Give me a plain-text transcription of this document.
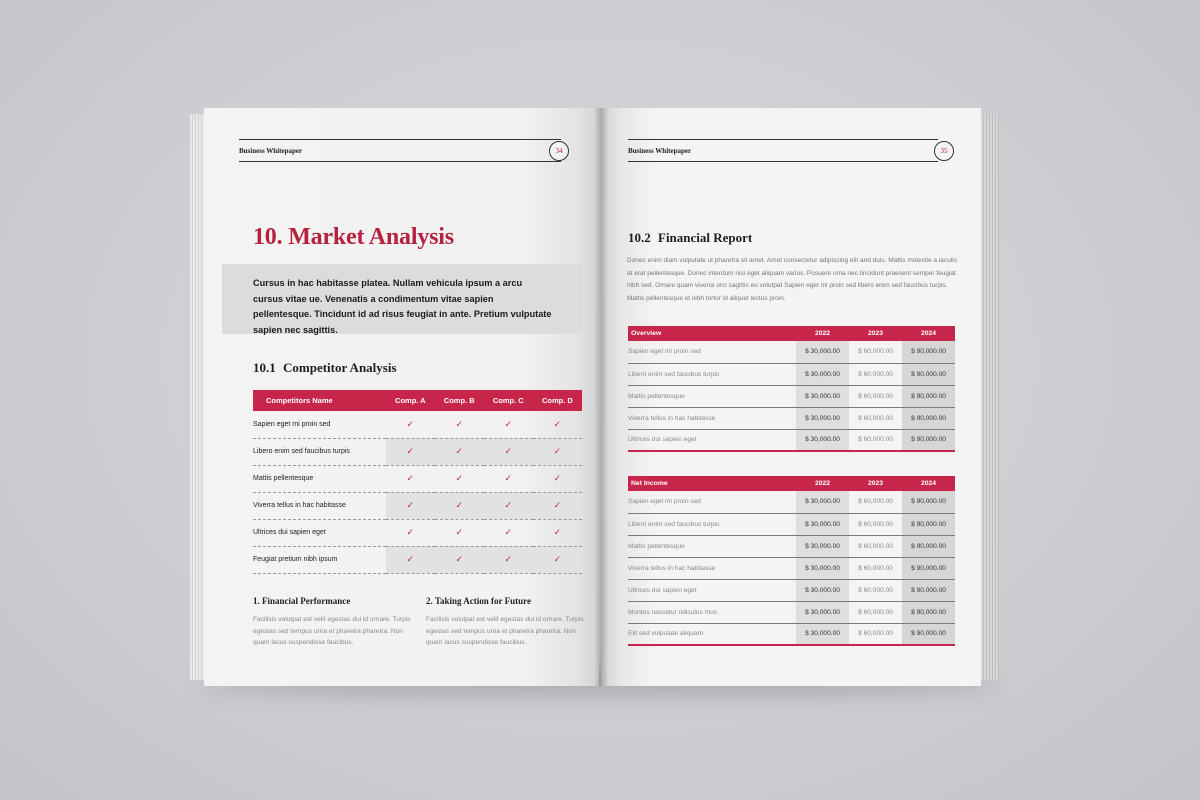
Business Whitepaper	34
10. Market Analysis
Cursus in hac habitasse platea. Nullam vehicula ipsum a arcu cursus vitae ue. Venenatis a condimentum vitae sapien pellentesque. Tincidunt id ad risus feugiat in ante. Pretium vulputate sapien nec sagittis.
10.1 Competitor Analysis
Competitors Name	Comp. A	Comp. B	Comp. C	Comp. D
Sapien eget mi proin sed	✓	✓	✓	✓
Libero enim sed faucibus turpis	✓	✓	✓	✓
Mattis pellentesque	✓	✓	✓	✓
Viverra tellus in hac habitasse	✓	✓	✓	✓
Ultrices dui sapien eget	✓	✓	✓	✓
Feugiat pretium nibh ipsum	✓	✓	✓	✓
1. Financial Performance
Facilisis volutpat est velit egestas dui id ornare. Turpis egestas sed tempus urna et pharetra pharetra. Non quam lacus suspendisse faucibus.
2. Taking Action for Future
Facilisis volutpat est velit egestas dui id ornare. Turpis egestas sed tempus urna et pharetra pharetra. Non quam lacus suspendisse faucibus.
Business Whitepaper	35
10.2 Financial Report
Donec enim diam vulputate ut pharetra sit amet. Amet consectetur adipiscing elit and duis. Mattis molestie a iaculis at erat pellentesque. Donec interdum nisi eget aliquam varius. Posuere uma nec tincidunt praesent semper feugiat nibh sed. Omare quam viverra orci sagittis eu volutpat Sapien eget mi proin sed libero enim sed faucibus turpis. Mattis pellentesque id nibh tortor id aliquet lectus proin.
Overview	2022	2023	2024
Sapien eget mi proin sed	$ 30,000.00	$ 60,000.00	$ 90,000.00
Libero enim sed faucibus turpis	$ 30,000.00	$ 60,000.00	$ 90,000.00
Mattis pellentesque	$ 30,000.00	$ 60,000.00	$ 90,000.00
Viverra tellus in hac habitasse	$ 30,000.00	$ 60,000.00	$ 90,000.00
Ultrices dui sapien eget	$ 30,000.00	$ 60,000.00	$ 90,000.00
Net Income	2022	2023	2024
Sapien eget mi proin sed	$ 30,000.00	$ 60,000.00	$ 90,000.00
Libero enim sed faucibus turpis	$ 30,000.00	$ 60,000.00	$ 90,000.00
Mattis pellentesque	$ 30,000.00	$ 60,000.00	$ 90,000.00
Viverra tellus in hac habitasse	$ 30,000.00	$ 60,000.00	$ 90,000.00
Ultrices dui sapien eget	$ 30,000.00	$ 60,000.00	$ 90,000.00
Montes nascetur ridiculus mus	$ 30,000.00	$ 60,000.00	$ 90,000.00
Elit sed vulputate aliquam	$ 30,000.00	$ 60,000.00	$ 90,000.00
